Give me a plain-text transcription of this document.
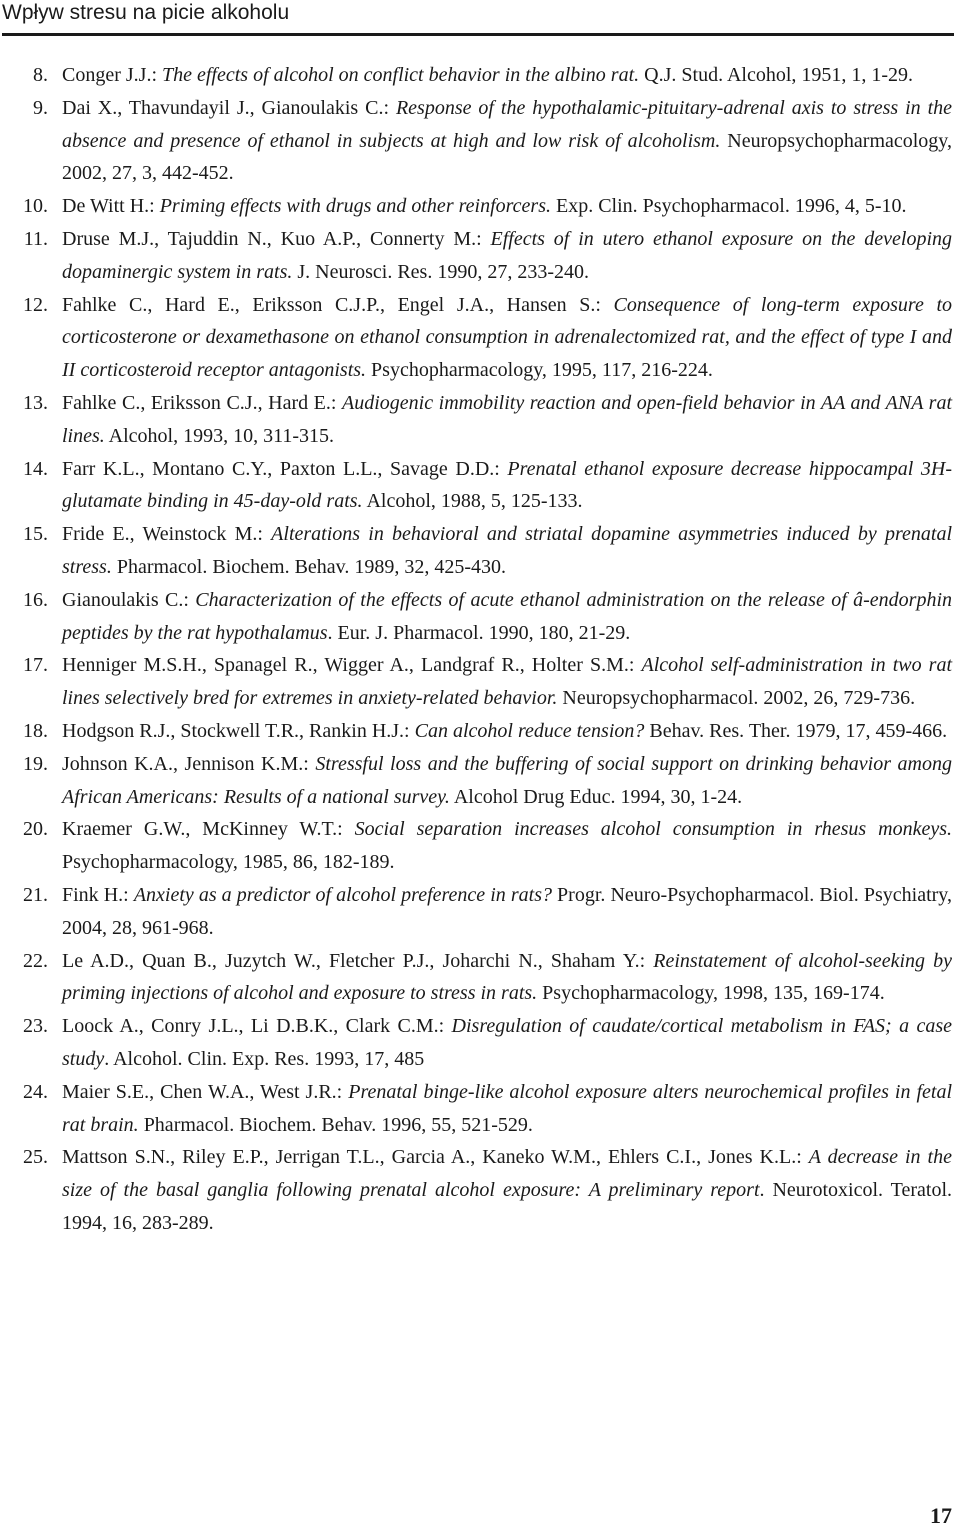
Wpływ stresu na picie alkoholu
8. Conger J.J.: The effects of alcohol on conflict behavior in the albino rat. Q.J. Stud. Alcohol, 1951, 1, 1-29.
9. Dai X., Thavundayil J., Gianoulakis C.: Response of the hypothalamic-pituitary-adrenal axis to stress in the absence and presence of ethanol in subjects at high and low risk of alcoholism. Neuropsychopharmacology, 2002, 27, 3, 442-452.
10. De Witt H.: Priming effects with drugs and other reinforcers. Exp. Clin. Psychopharmacol. 1996, 4, 5-10.
11. Druse M.J., Tajuddin N., Kuo A.P., Connerty M.: Effects of in utero ethanol exposure on the developing dopaminergic system in rats. J. Neurosci. Res. 1990, 27, 233-240.
12. Fahlke C., Hard E., Eriksson C.J.P., Engel J.A., Hansen S.: Consequence of long-term exposure to corticosterone or dexamethasone on ethanol consumption in adrenalectomized rat, and the effect of type I and II corticosteroid receptor antagonists. Psychopharmacology, 1995, 117, 216-224.
13. Fahlke C., Eriksson C.J., Hard E.: Audiogenic immobility reaction and open-field behavior in AA and ANA rat lines. Alcohol, 1993, 10, 311-315.
14. Farr K.L., Montano C.Y., Paxton L.L., Savage D.D.: Prenatal ethanol exposure decrease hippocampal 3H-glutamate binding in 45-day-old rats. Alcohol, 1988, 5, 125-133.
15. Fride E., Weinstock M.: Alterations in behavioral and striatal dopamine asymmetries induced by prenatal stress. Pharmacol. Biochem. Behav. 1989, 32, 425-430.
16. Gianoulakis C.: Characterization of the effects of acute ethanol administration on the release of â-endorphin peptides by the rat hypothalamus. Eur. J. Pharmacol. 1990, 180, 21-29.
17. Henniger M.S.H., Spanagel R., Wigger A., Landgraf R., Holter S.M.: Alcohol self-administration in two rat lines selectively bred for extremes in anxiety-related behavior. Neuropsychopharmacol. 2002, 26, 729-736.
18. Hodgson R.J., Stockwell T.R., Rankin H.J.: Can alcohol reduce tension? Behav. Res. Ther. 1979, 17, 459-466.
19. Johnson K.A., Jennison K.M.: Stressful loss and the buffering of social support on drinking behavior among African Americans: Results of a national survey. Alcohol Drug Educ. 1994, 30, 1-24.
20. Kraemer G.W., McKinney W.T.: Social separation increases alcohol consumption in rhesus monkeys. Psychopharmacology, 1985, 86, 182-189.
21. Fink H.: Anxiety as a predictor of alcohol preference in rats? Progr. Neuro-Psychopharmacol. Biol. Psychiatry, 2004, 28, 961-968.
22. Le A.D., Quan B., Juzytch W., Fletcher P.J., Joharchi N., Shaham Y.: Reinstatement of alcohol-seeking by priming injections of alcohol and exposure to stress in rats. Psychopharmacology, 1998, 135, 169-174.
23. Loock A., Conry J.L., Li D.B.K., Clark C.M.: Disregulation of caudate/cortical metabolism in FAS; a case study. Alcohol. Clin. Exp. Res. 1993, 17, 485
24. Maier S.E., Chen W.A., West J.R.: Prenatal binge-like alcohol exposure alters neurochemical profiles in fetal rat brain. Pharmacol. Biochem. Behav. 1996, 55, 521-529.
25. Mattson S.N., Riley E.P., Jerrigan T.L., Garcia A., Kaneko W.M., Ehlers C.I., Jones K.L.: A decrease in the size of the basal ganglia following prenatal alcohol exposure: A preliminary report. Neurotoxicol. Teratol. 1994, 16, 283-289.
17
